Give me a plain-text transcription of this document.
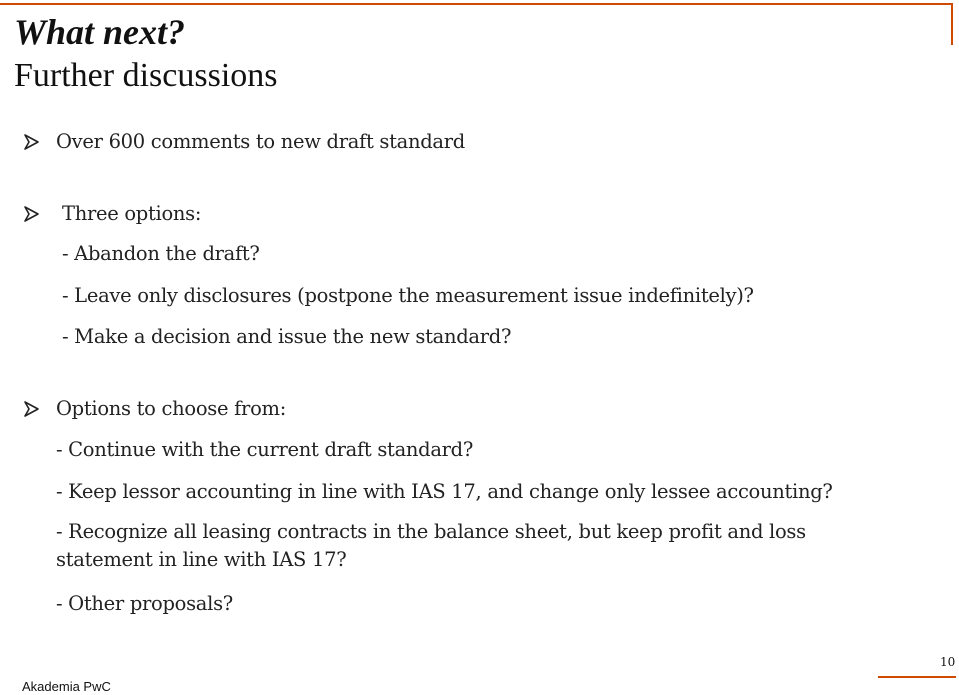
What next?
Further discussions
Over 600 comments to new draft standard
Three options:
- Abandon the draft?
- Leave only disclosures (postpone the measurement issue indefinitely)?
- Make a decision and issue the new standard?
Options to choose from:
- Continue with the current draft standard?
- Keep lessor accounting in line with IAS 17, and change only lessee accounting?
- Recognize all leasing contracts in the balance sheet, but keep profit and loss
statement in line with IAS 17?
- Other proposals?
10
Akademia PwC
